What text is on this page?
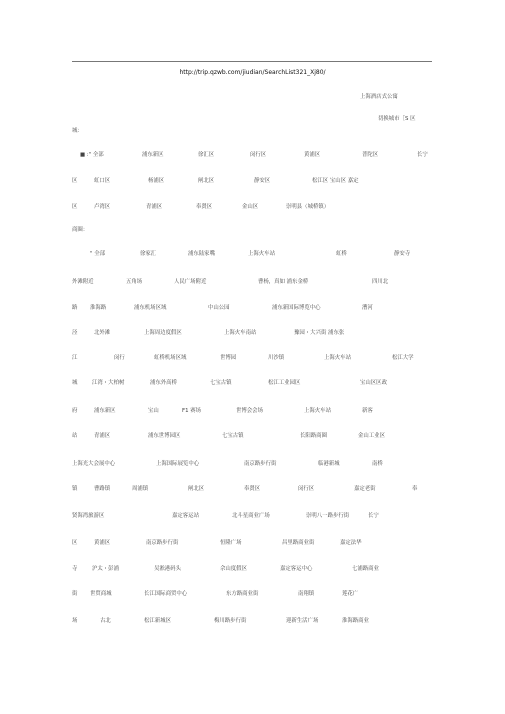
http://trip.qzwb.com/jiudian/SearchList321_Xj80/
上海酒店式公寓
切换城市［S 区
城：
■ :" 全部	浦东新区	徐汇区	闵行区	黄浦区	普陀区	长宁
区	虹口区	杨浦区	闸北区	静安区	松江区 宝山区 嘉定
区	卢湾区	青浦区	奉贤区	金山区	崇明县（城桥镇）
商圈：
" 全部	徐家汇	浦东陆家嘴	上海火车站	虹桥	静安寺
外滩附近	五角场	人民广场附近	曹杨，真如 浦东金桥	四川北
路 淮海路	浦东机场区域	中山公园	浦东新国际博览中心	漕河
泾	北外滩	上海周边度假区	上海火车南站	豫园・大兴街 浦东张
江	闵行	虹桥机场区域	世博园	川沙镇	上海火车站	松江大学
城	江湾・大柏树	浦东外高桥	七宝古镇	松江工业园区	宝山区区政
府	浦东新区	宝山	F1 赛场	世博会会场	上海火车站	新客
站	青浦区	浦东世博园区	七宝古镇	长阳路商圈	金山工业区
上海光大会展中心	上海国际展览中心	南京路步行街	临港新城	南桥
镇	曹路镇	周浦镇	闸北区	奉贤区	闵行区	嘉定老街	奉
贤海湾旅游区	嘉定客运站	北斗星商业广场	崇明八一路步行街	长宁
区	黄浦区	南京路步行街	恒隆广场	昌里路商业街	嘉定法华
寺	沪太・彭浦	吴淞港码头	佘山度假区	嘉定客运中心	七浦路商业
街 世贸商城	长江国际商贸中心	东方路商业街	南翔镇	莲花广
场	古北	松江新城区	梅川路步行街	迎新生活广场	淮海路商业
